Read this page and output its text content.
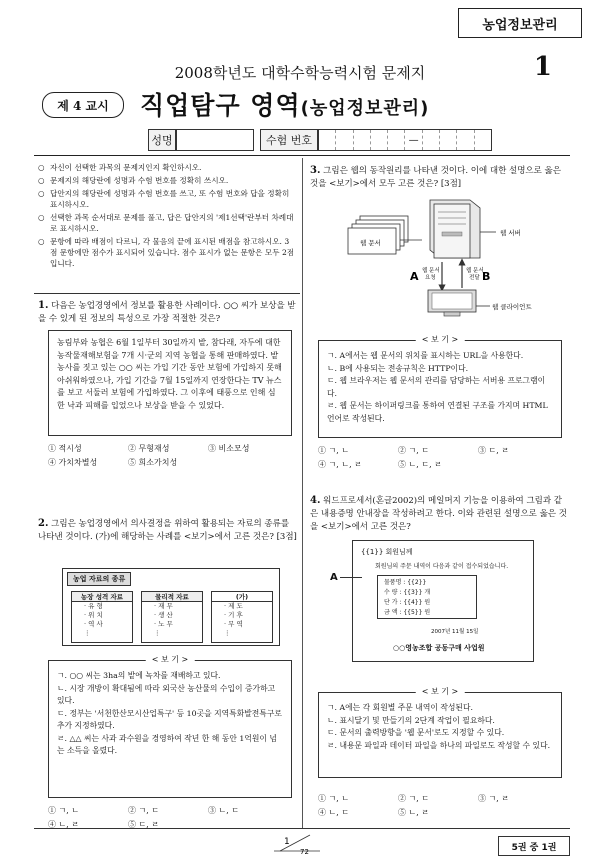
농업정보관리
2008학년도 대학수학능력시험 문제지	1
제 4 교시	직업탐구 영역(농업정보관리)
성명	수험 번호	—
○ 자신이 선택한 과목의 문제지인지 확인하시오.
○ 문제지의 해당란에 성명과 수험 번호를 정확히 쓰시오.
○ 답안지의 해당란에 성명과 수험 번호를 쓰고, 또 수험 번호와 답을 정확히 표시하시오.
○ 선택한 과목 순서대로 문제를 풀고, 답은 답안지의 '제1선택'란부터 차례대로 표시하시오.
○ 문항에 따라 배점이 다르니, 각 물음의 끝에 표시된 배점을 참고하시오. 3점 문항에만 점수가 표시되어 있습니다. 점수 표시가 없는 문항은 모두 2점입니다.
1. 다음은 농업경영에서 정보를 활용한 사례이다. ○○ 씨가 보상을 받을 수 있게 된 정보의 특성으로 가장 적절한 것은?
농림부와 농협은 6월 1일부터 30일까지 밭, 참다래, 자두에 대한 농작물재해보험을 7개 시·군의 지역 농협을 통해 판매하였다. 밭농사를 짓고 있는 ○○ 씨는 가입 기간 동안 보험에 가입하지 못해 아쉬워하였으나, 가입 기간을 7월 15일까지 연장한다는 TV 뉴스를 보고 서둘러 보험에 가입하였다. 그 이후에 태풍으로 인해 심한 낙과 피해를 입었으나 보상을 받을 수 있었다.
① 적시성	② 무형재성	③ 비소모성
④ 가치차별성	⑤ 희소가치성
2. 그림은 농업경영에서 의사결정을 위하여 활용되는 자료의 종류를 나타낸 것이다. (가)에 해당하는 사례를 <보기>에서 고른 것은? [3점]
농업 자료의 종류
농장 성격 자료
· 유 형
· 위 치
· 역 사
⋮
물리적 자료
· 재 무
· 생 산
· 노 무
⋮
(가)
· 제 도
· 기 후
· 무 역
⋮
< 보 기 >
ㄱ. ○○ 씨는 3ha의 밭에 녹차를 재배하고 있다.
ㄴ. 시장 개방이 확대됨에 따라 외국산 농산물의 수입이 증가하고 있다.
ㄷ. 정부는 '서천한산모시산업특구' 등 10곳을 지역특화발전특구로 추가 지정하였다.
ㄹ. △△ 씨는 사과 과수원을 경영하여 작년 한 해 동안 1억원이 넘는 소득을 올렸다.
① ㄱ, ㄴ	② ㄱ, ㄷ	③ ㄴ, ㄷ
④ ㄴ, ㄹ	⑤ ㄷ, ㄹ
3. 그림은 웹의 동작원리를 나타낸 것이다. 이에 대한 설명으로 옳은 것을 <보기>에서 모두 고른 것은? [3점]
웹 문서
웹 서버
A	B
웹 문서
요청
웹 문서
전달
웹 클라이언트
< 보 기 >
ㄱ. A에서는 웹 문서의 위치를 표시하는 URL을 사용한다.
ㄴ. B에 사용되는 전송규칙은 HTTP이다.
ㄷ. 웹 브라우저는 웹 문서의 관리를 담당하는 서버용 프로그램이다.
ㄹ. 웹 문서는 하이퍼링크를 통하여 연결된 구조를 가지며 HTML 언어로 작성된다.
① ㄱ, ㄴ	② ㄱ, ㄷ	③ ㄷ, ㄹ
④ ㄱ, ㄴ, ㄹ	⑤ ㄴ, ㄷ, ㄹ
4. 워드프로세서(혼글2002)의 메일머지 기능을 이용하여 그림과 같은 내용증명 안내장을 작성하려고 한다. 이와 관련된 설명으로 옳은 것을 <보기>에서 고른 것은?
A
{{1}} 회원님께
회원님의 주문 내역이 다음과 같이 접수되었습니다.
물품명 : {{2}}
수 량 : {{3}} 개
단 가 : {{4}} 원
금 액 : {{5}} 원
2007년 11월 15일
○○영농조합 공동구매 사업원
< 보 기 >
ㄱ. A에는 각 회원별 주문 내역이 작성된다.
ㄴ. 표시달기 및 만들기의 2단계 작업이 필요하다.
ㄷ. 문서의 출력방향을 '웹 문서'로도 지정할 수 있다.
ㄹ. 내용문 파일과 데이터 파일을 하나의 파일로도 작성할 수 있다.
① ㄱ, ㄴ	② ㄱ, ㄷ	③ ㄱ, ㄹ
④ ㄴ, ㄷ	⑤ ㄴ, ㄹ
1
72	5권 중 1권
